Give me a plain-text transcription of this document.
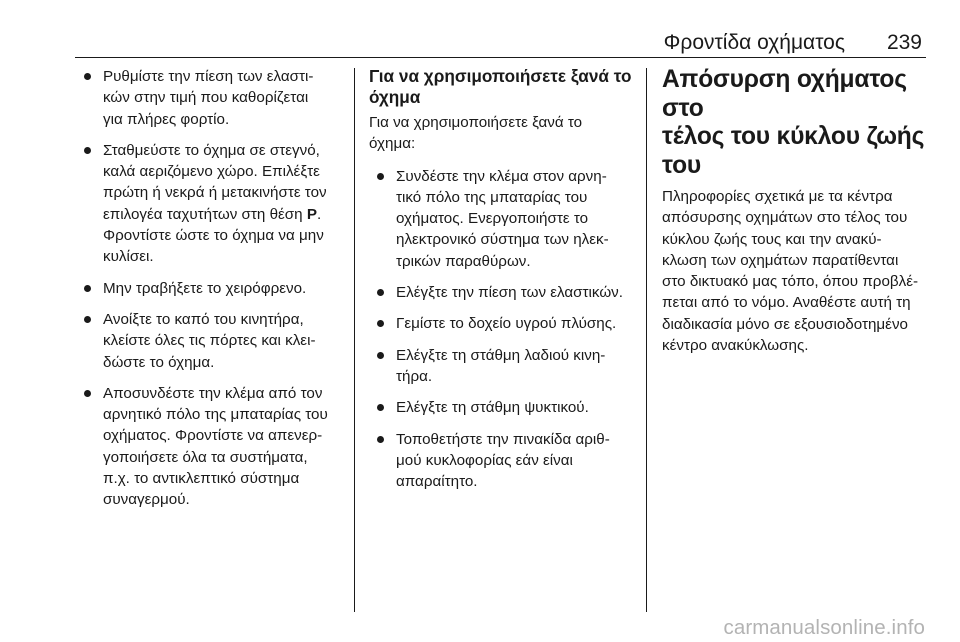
Φροντίδα οχήματος 239
Ρυθμίστε την πίεση των ελαστι-
κών στην τιμή που καθορίζεται
για πλήρες φορτίο.
Σταθμεύστε το όχημα σε στεγνό,
καλά αεριζόμενο χώρο. Επιλέξτε
πρώτη ή νεκρά ή μετακινήστε τον
επιλογέα ταχυτήτων στη θέση P.
Φροντίστε ώστε το όχημα να μην
κυλίσει.
Μην τραβήξετε το χειρόφρενο.
Ανοίξτε το καπό του κινητήρα,
κλείστε όλες τις πόρτες και κλει-
δώστε το όχημα.
Αποσυνδέστε την κλέμα από τον
αρνητικό πόλο της μπαταρίας του
οχήματος. Φροντίστε να απενερ-
γοποιήσετε όλα τα συστήματα,
π.χ. το αντικλεπτικό σύστημα
συναγερμού.
Για να χρησιμοποιήσετε ξανά το
όχημα

Για να χρησιμοποιήσετε ξανά το
όχημα:

Συνδέστε την κλέμα στον αρνη-
τικό πόλο της μπαταρίας του
οχήματος. Ενεργοποιήστε το
ηλεκτρονικό σύστημα των ηλεκ-
τρικών παραθύρων.
Ελέγξτε την πίεση των ελαστικών.
Γεμίστε το δοχείο υγρού πλύσης.
Ελέγξτε τη στάθμη λαδιού κινη-
τήρα.
Ελέγξτε τη στάθμη ψυκτικού.
Τοποθετήστε την πινακίδα αριθ-
μού κυκλοφορίας εάν είναι
απαραίτητο.
Απόσυρση οχήματος στο
τέλος του κύκλου ζωής του

Πληροφορίες σχετικά με τα κέντρα
απόσυρσης οχημάτων στο τέλος του
κύκλου ζωής τους και την ανακύ-
κλωση των οχημάτων παρατίθενται
στο δικτυακό μας τόπο, όπου προβλέ-
πεται από το νόμο. Αναθέστε αυτή τη
διαδικασία μόνο σε εξουσιοδοτημένο
κέντρο ανακύκλωσης.

carmanualsonline.info
